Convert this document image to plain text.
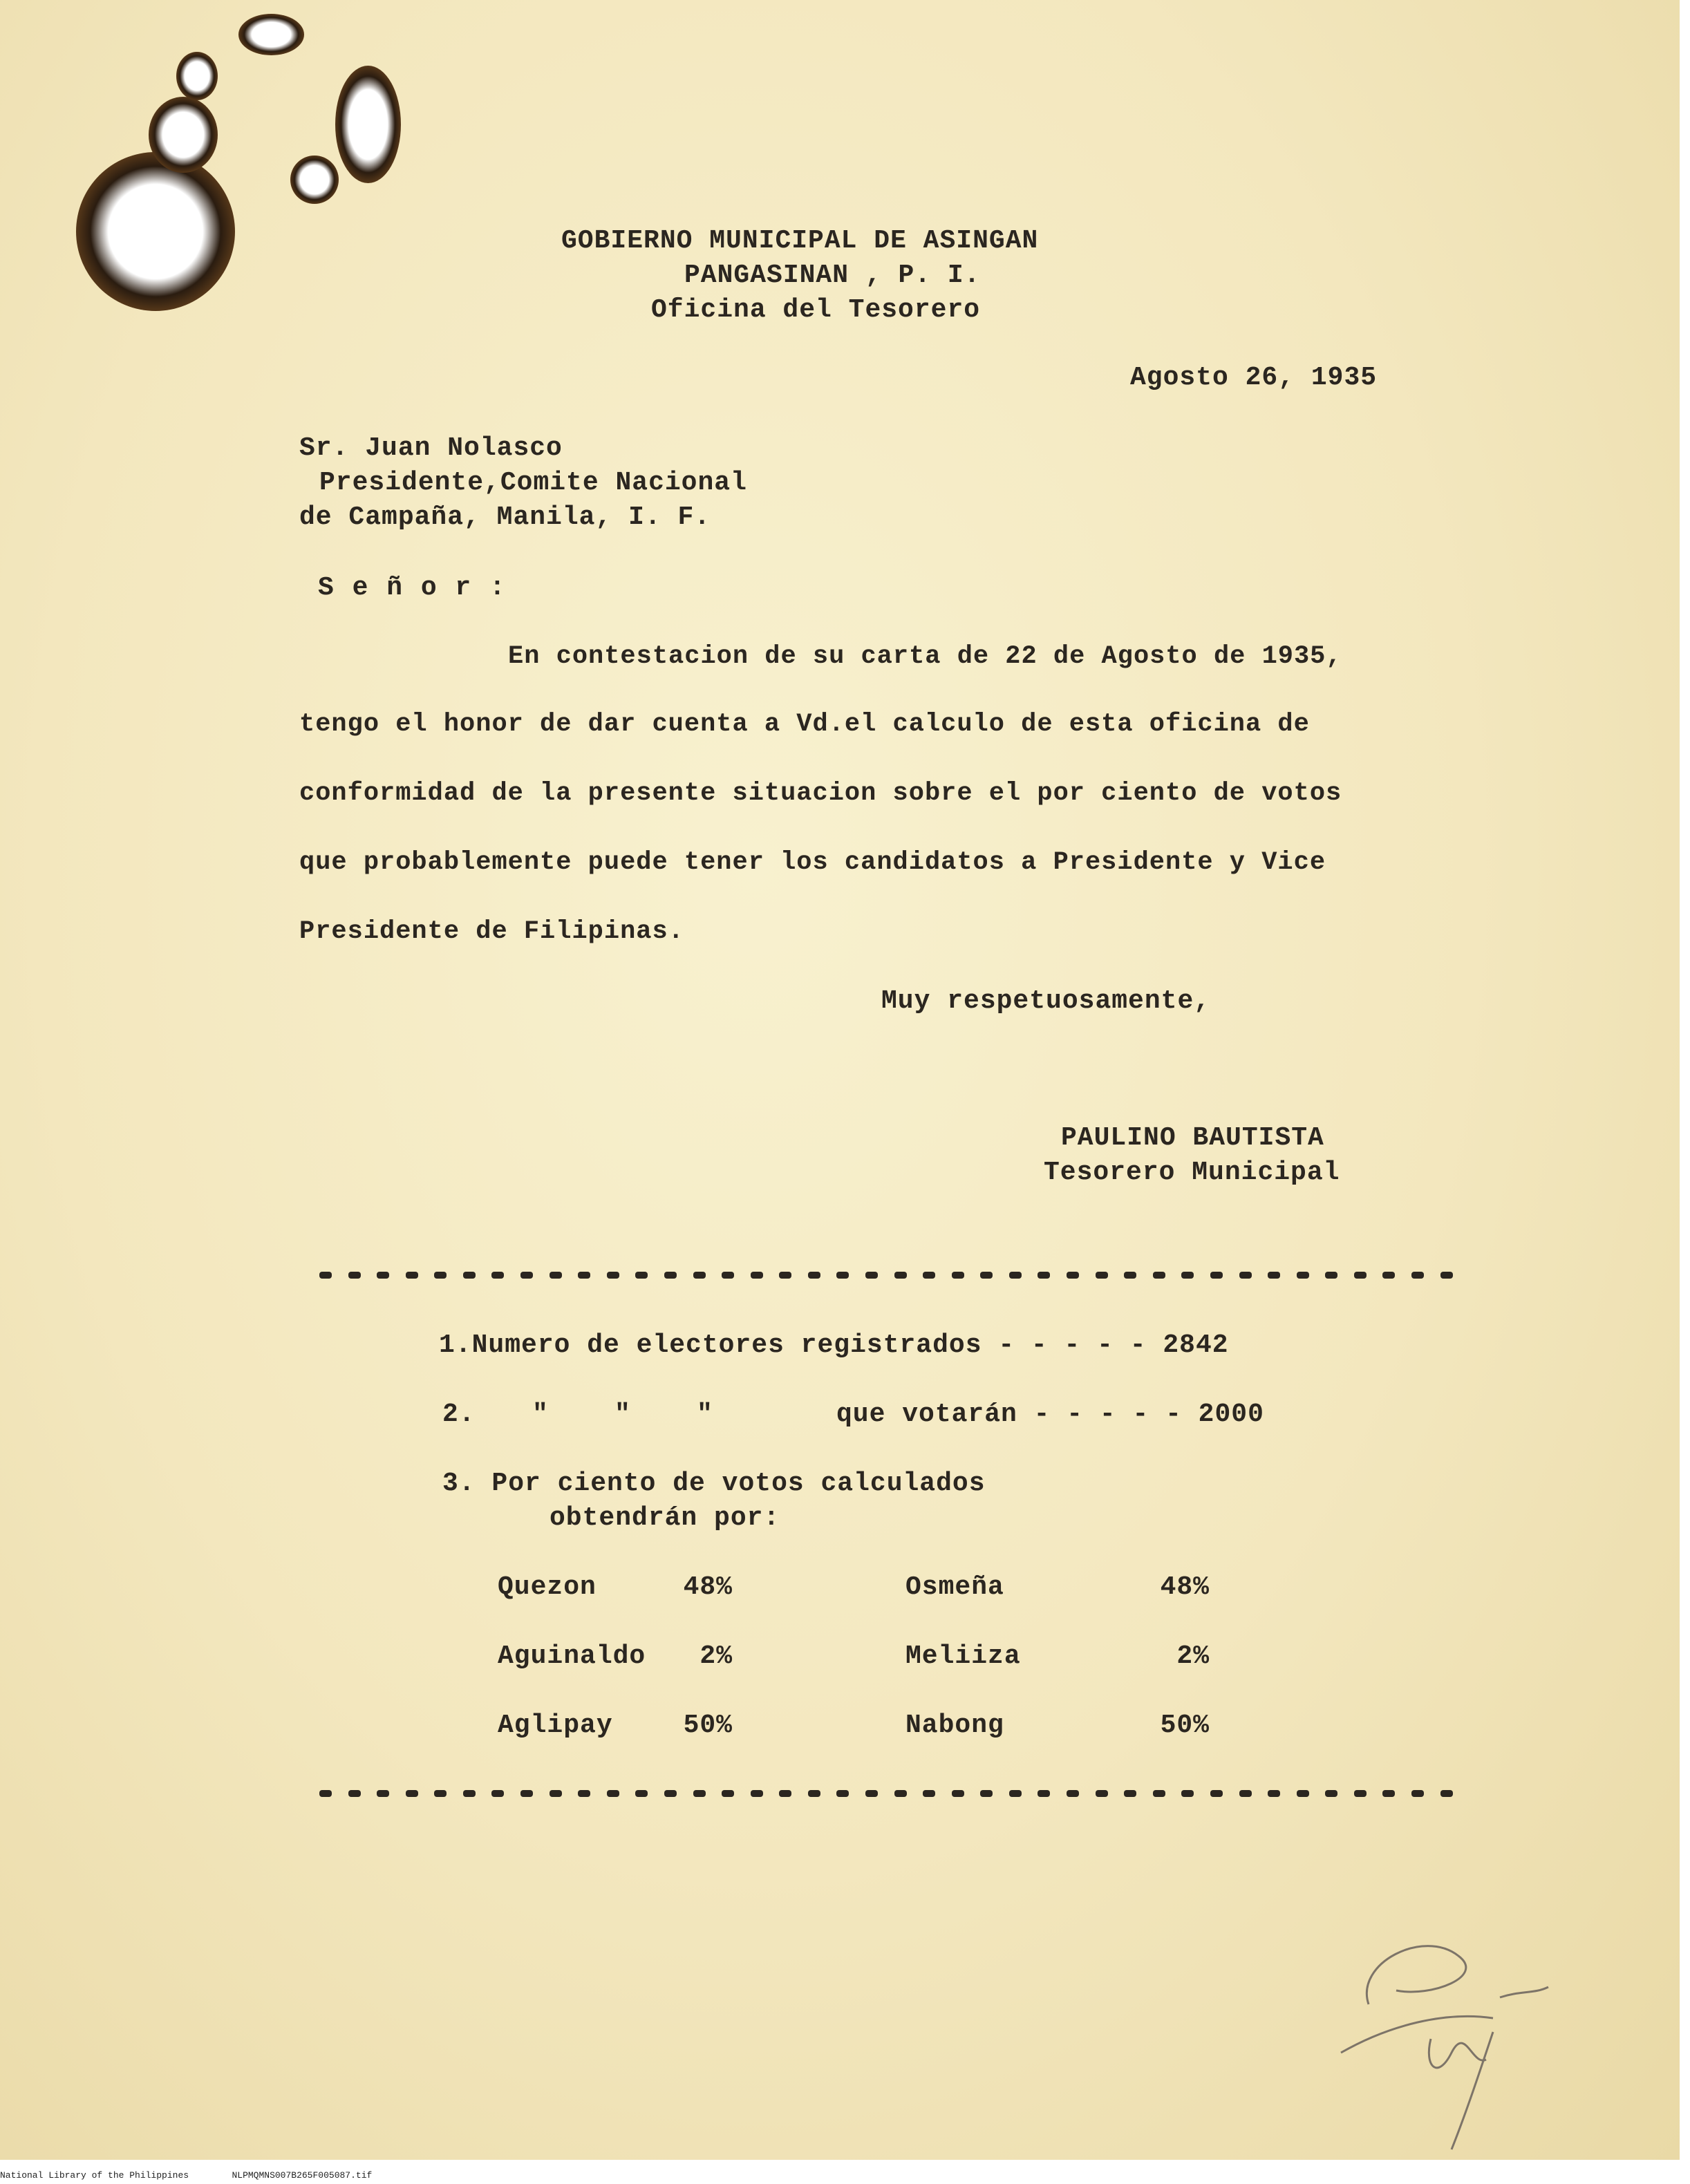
GOBIERNO MUNICIPAL DE ASINGAN
PANGASINAN , P. I.
Oficina del Tesorero
Agosto 26, 1935
Sr. Juan Nolasco
Presidente,Comite Nacional
de Campaña, Manila, I. F.
S e ñ o r :
En contestacion de su carta de 22 de Agosto de 1935,
tengo el honor de dar cuenta a Vd.el calculo de esta oficina de
conformidad de la presente situacion sobre el por ciento de votos
que probablemente puede tener los candidatos a Presidente y Vice
Presidente de Filipinas.
Muy respetuosamente,
PAULINO BAUTISTA
Tesorero Municipal
1.Numero de electores registrados - - - - - 2842
2. "    "    "	que votarán - - - - - 2000
3. Por ciento de votos calculados
obtendrán por:
Quezon	48%	Osmeña	48%
Aguinaldo	2%	Meliiza	2%
Aglipay	50%	Nabong	50%
National Library of the Philippines	NLPMQMNS007B265F005087.tif
